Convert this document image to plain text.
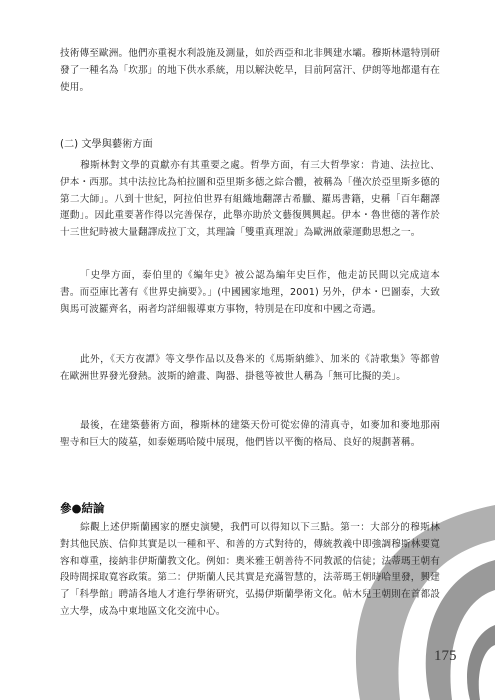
技術傳至歐洲。他們亦重視水利設施及測量，如於西亞和北非興建水壩。穆斯林還特別研發了一種名為「坎那」的地下供水系統，用以解決乾旱，目前阿富汗、伊朗等地都還有在使用。

(二) 文學與藝術方面

穆斯林對文學的貢獻亦有其重要之處。哲學方面，有三大哲學家：肯迪、法拉比、伊本・西那。其中法拉比為柏拉圖和亞里斯多德之綜合體，被稱為「僅次於亞里斯多德的第二大師」。八到十世紀，阿拉伯世界有組織地翻譯古希臘、羅馬書籍，史稱「百年翻譯運動」。因此重要著作得以完善保存，此舉亦助於文藝復興興起。伊本・魯世德的著作於十三世紀時被大量翻譯成拉丁文，其理論「雙重真理說」為歐洲啟蒙運動思想之一。

「史學方面，泰伯里的《編年史》被公認為編年史巨作，他走訪民間以完成這本書。而亞庫比著有《世界史摘要》。」(中國國家地理，2001) 另外，伊本・巴圖泰，大致與馬可波羅齊名，兩者均詳細報導東方事物，特別是在印度和中國之奇遇。

此外，《天方夜譚》等文學作品以及魯米的《馬斯納維》、加米的《詩歌集》等都曾在歐洲世界發光發熱。波斯的繪畫、陶器、掛毯等被世人稱為「無可比擬的美」。

最後，在建築藝術方面，穆斯林的建築天份可從宏偉的清真寺，如麥加和麥地那兩聖寺和巨大的陵墓，如泰姬瑪哈陵中展現，他們皆以平衡的格局、良好的規劃著稱。

參●結論

綜觀上述伊斯蘭國家的歷史演變，我們可以得知以下三點。第一：大部分的穆斯林對其他民族、信仰其實是以一種和平、和善的方式對待的，傳統教義中即強調穆斯林要寬容和尊重，接納非伊斯蘭教文化。例如：奧米雅王朝善待不同教派的信徒；法蒂瑪王朝有段時間採取寬容政策。第二：伊斯蘭人民其實是充滿智慧的，法蒂瑪王朝時哈里發，興建了「科學館」聘請各地人才進行學術研究，弘揚伊斯蘭學術文化。帖木兒王朝則在首都設立大學，成為中東地區文化交流中心。

175
